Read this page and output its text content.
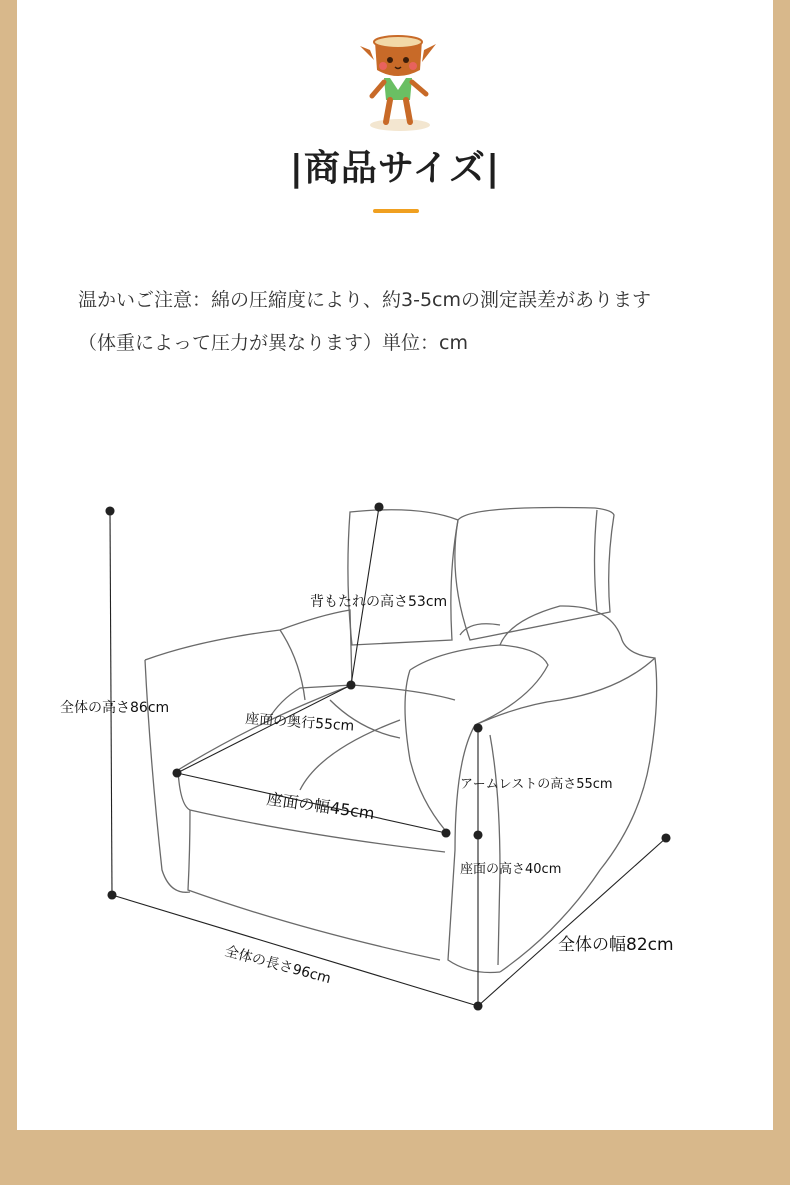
|商品サイズ|
温かいご注意：綿の圧縮度により、約3-5cmの測定誤差があります
（体重によって圧力が異なります）単位：cm
全体の高さ86cm
背もたれの高さ53cm
座面の奥行55cm
座面の幅45cm
アームレストの高さ55cm
座面の高さ40cm
全体の長さ96cm	全体の幅82cm
